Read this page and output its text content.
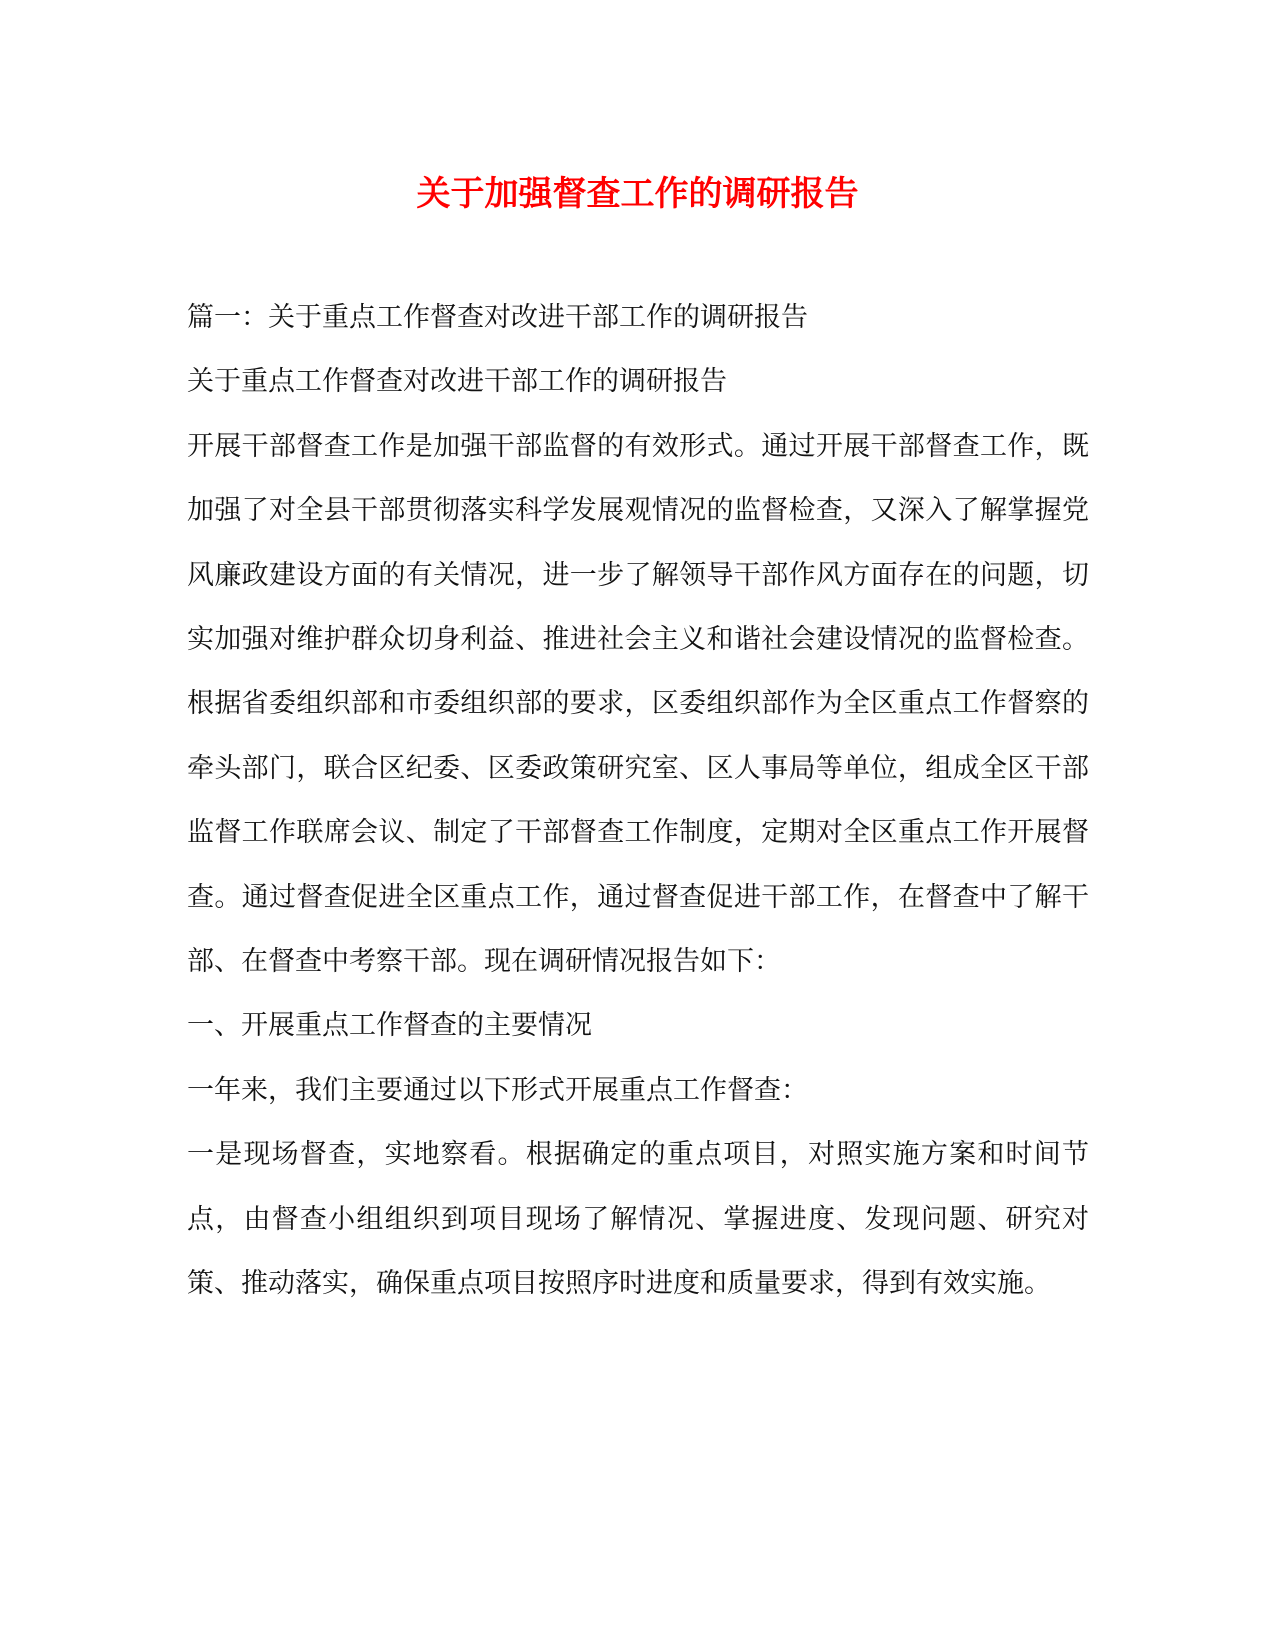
关于加强督查工作的调研报告

篇一：关于重点工作督查对改进干部工作的调研报告

关于重点工作督查对改进干部工作的调研报告

开展干部督查工作是加强干部监督的有效形式。通过开展干部督查工作，既加强了对全县干部贯彻落实科学发展观情况的监督检查，又深入了解掌握党风廉政建设方面的有关情况，进一步了解领导干部作风方面存在的问题，切实加强对维护群众切身利益、推进社会主义和谐社会建设情况的监督检查。根据省委组织部和市委组织部的要求，区委组织部作为全区重点工作督察的牵头部门，联合区纪委、区委政策研究室、区人事局等单位，组成全区干部监督工作联席会议、制定了干部督查工作制度，定期对全区重点工作开展督查。通过督查促进全区重点工作，通过督查促进干部工作，在督查中了解干部、在督查中考察干部。现在调研情况报告如下：

一、开展重点工作督查的主要情况

一年来，我们主要通过以下形式开展重点工作督查：

一是现场督查，实地察看。根据确定的重点项目，对照实施方案和时间节点，由督查小组组织到项目现场了解情况、掌握进度、发现问题、研究对策、推动落实，确保重点项目按照序时进度和质量要求，得到有效实施。
